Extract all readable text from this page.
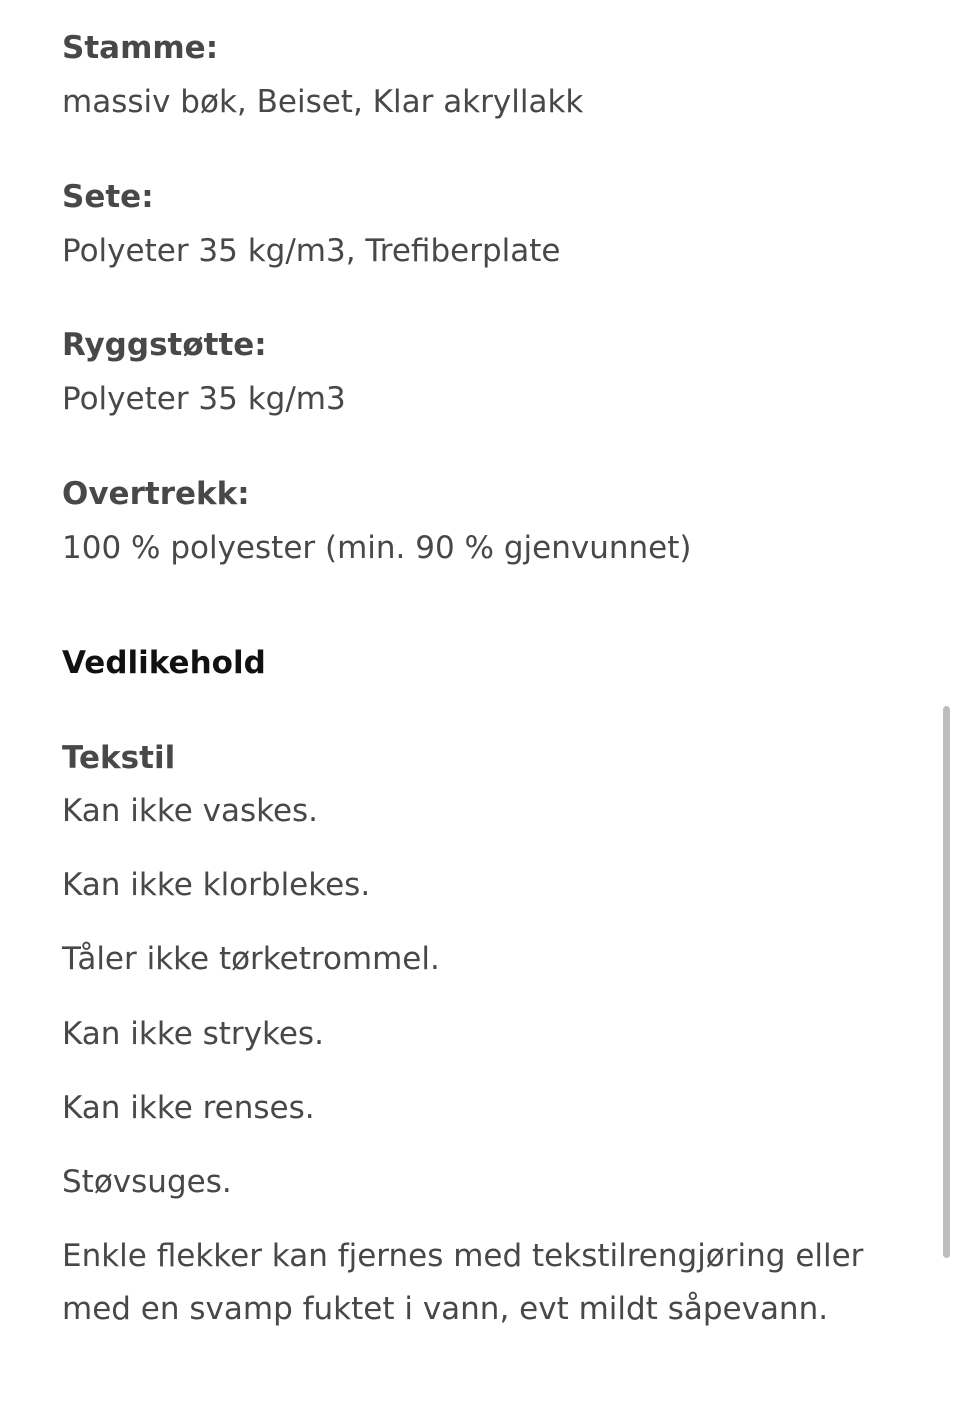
Stamme:
massiv bøk, Beiset, Klar akryllakk
Sete:
Polyeter 35 kg/m3, Trefiberplate
Ryggstøtte:
Polyeter 35 kg/m3
Overtrekk:
100 % polyester (min. 90 % gjenvunnet)
Vedlikehold
Tekstil
Kan ikke vaskes.
Kan ikke klorblekes.
Tåler ikke tørketrommel.
Kan ikke strykes.
Kan ikke renses.
Støvsuges.
Enkle flekker kan fjernes med tekstilrengjøring eller med en svamp fuktet i vann, evt mildt såpevann.
